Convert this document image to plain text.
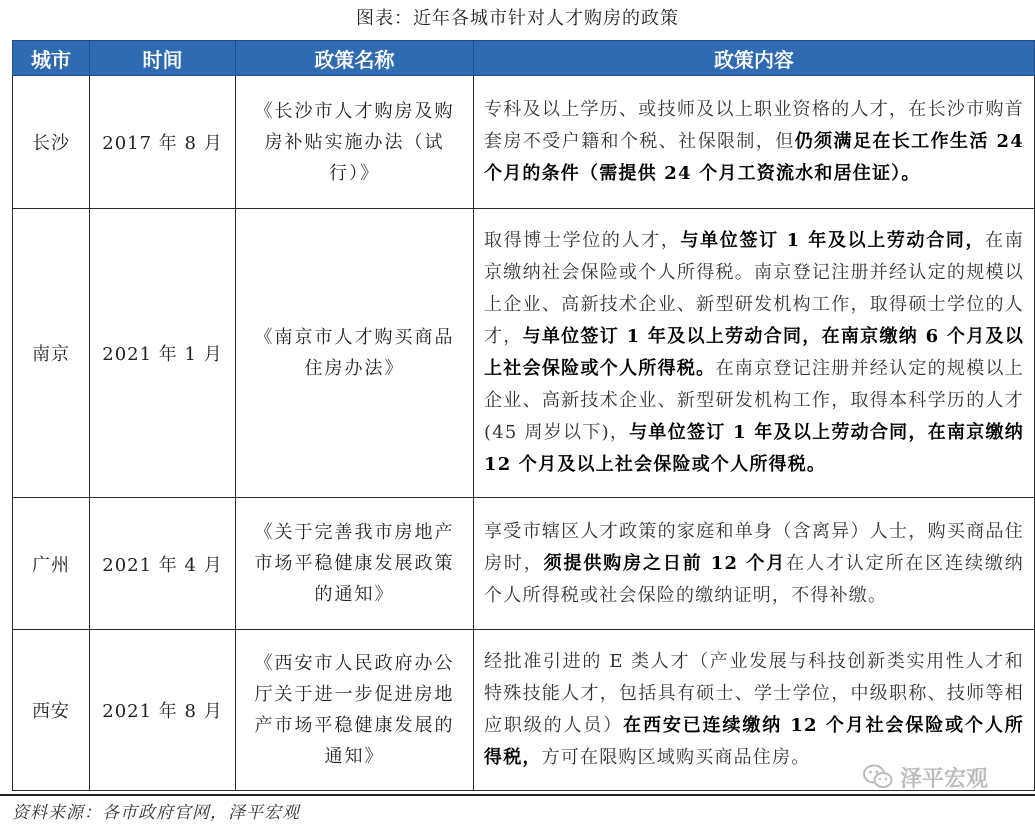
图表：近年各城市针对人才购房的政策
城市	时间	政策名称	政策内容
长沙	2017 年 8 月	《长沙市人才购房及购房补贴实施办法（试行）》	专科及以上学历、或技师及以上职业资格的人才，在长沙市购首套房不受户籍和个税、社保限制，但仍须满足在长工作生活 24 个月的条件（需提供 24 个月工资流水和居住证）。
南京	2021 年 1 月	《南京市人才购买商品住房办法》	取得博士学位的人才，与单位签订 1 年及以上劳动合同，在南京缴纳社会保险或个人所得税。南京登记注册并经认定的规模以上企业、高新技术企业、新型研发机构工作，取得硕士学位的人才，与单位签订 1 年及以上劳动合同，在南京缴纳 6 个月及以上社会保险或个人所得税。在南京登记注册并经认定的规模以上企业、高新技术企业、新型研发机构工作，取得本科学历的人才(45 周岁以下)，与单位签订 1 年及以上劳动合同，在南京缴纳 12 个月及以上社会保险或个人所得税。
广州	2021 年 4 月	《关于完善我市房地产市场平稳健康发展政策的通知》	享受市辖区人才政策的家庭和单身（含离异）人士，购买商品住房时，须提供购房之日前 12 个月在人才认定所在区连续缴纳个人所得税或社会保险的缴纳证明，不得补缴。
西安	2021 年 8 月	《西安市人民政府办公厅关于进一步促进房地产市场平稳健康发展的通知》	经批准引进的 E 类人才（产业发展与科技创新类实用性人才和特殊技能人才，包括具有硕士、学士学位，中级职称、技师等相应职级的人员）在西安已连续缴纳 12 个月社会保险或个人所得税，方可在限购区域购买商品住房。
泽平宏观
资料来源：各市政府官网，泽平宏观
